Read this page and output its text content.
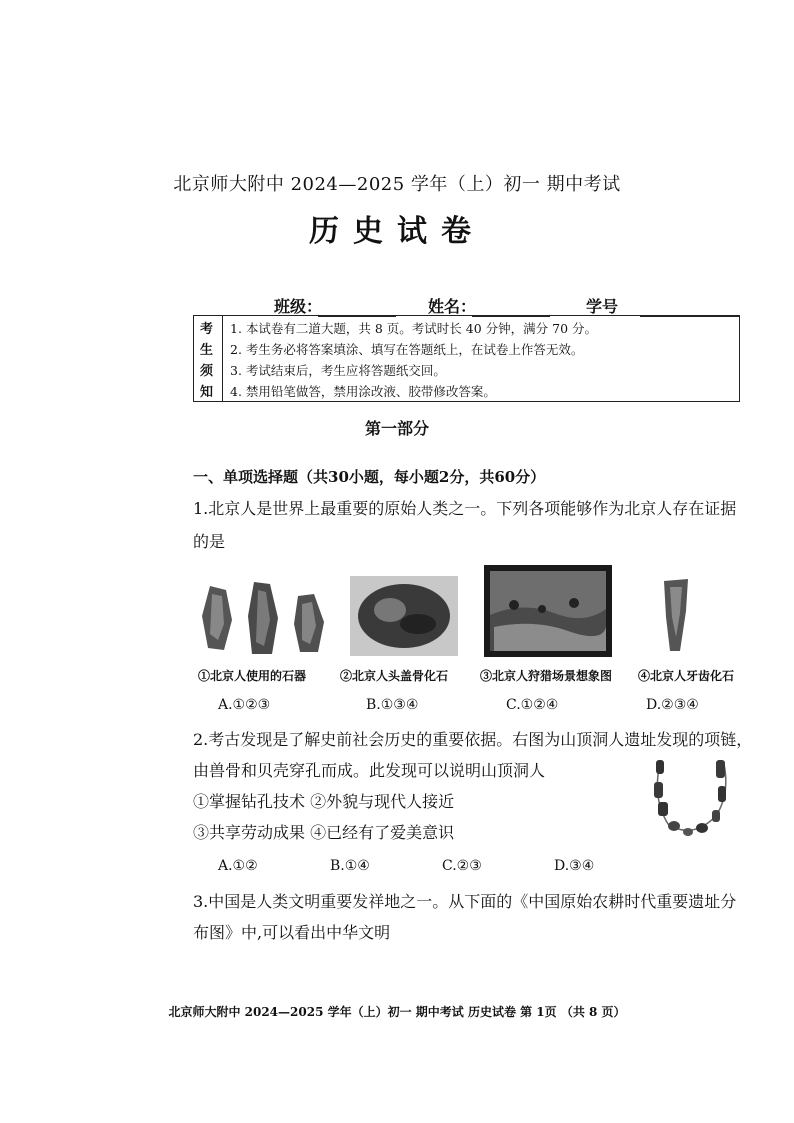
北京师大附中 2024—2025 学年（上）初一 期中考试
历史试卷
班级：	姓名：	学号
考
生
须
知
1. 本试卷有二道大题，共 8 页。考试时长 40 分钟，满分 70 分。
2. 考生务必将答案填涂、填写在答题纸上，在试卷上作答无效。
3. 考试结束后，考生应将答题纸交回。
4. 禁用铅笔做答，禁用涂改液、胶带修改答案。
第一部分
一、单项选择题（共30小题，每小题2分，共60分）
1.北京人是世界上最重要的原始人类之一。下列各项能够作为北京人存在证据
的是
①北京人使用的石器	②北京人头盖骨化石	③北京人狩猎场景想象图 ④北京人牙齿化石
A.①②③	B.①③④	C.①②④	D.②③④
2.考古发现是了解史前社会历史的重要依据。右图为山顶洞人遗址发现的项链，
由兽骨和贝壳穿孔而成。此发现可以说明山顶洞人
①掌握钻孔技术 ②外貌与现代人接近
③共享劳动成果 ④已经有了爱美意识
A.①②	B.①④	C.②③	D.③④
3.中国是人类文明重要发祥地之一。从下面的《中国原始农耕时代重要遗址分
布图》中,可以看出中华文明
北京师大附中 2024—2025 学年（上）初一 期中考试 历史试卷 第 1页 （共 8 页）
